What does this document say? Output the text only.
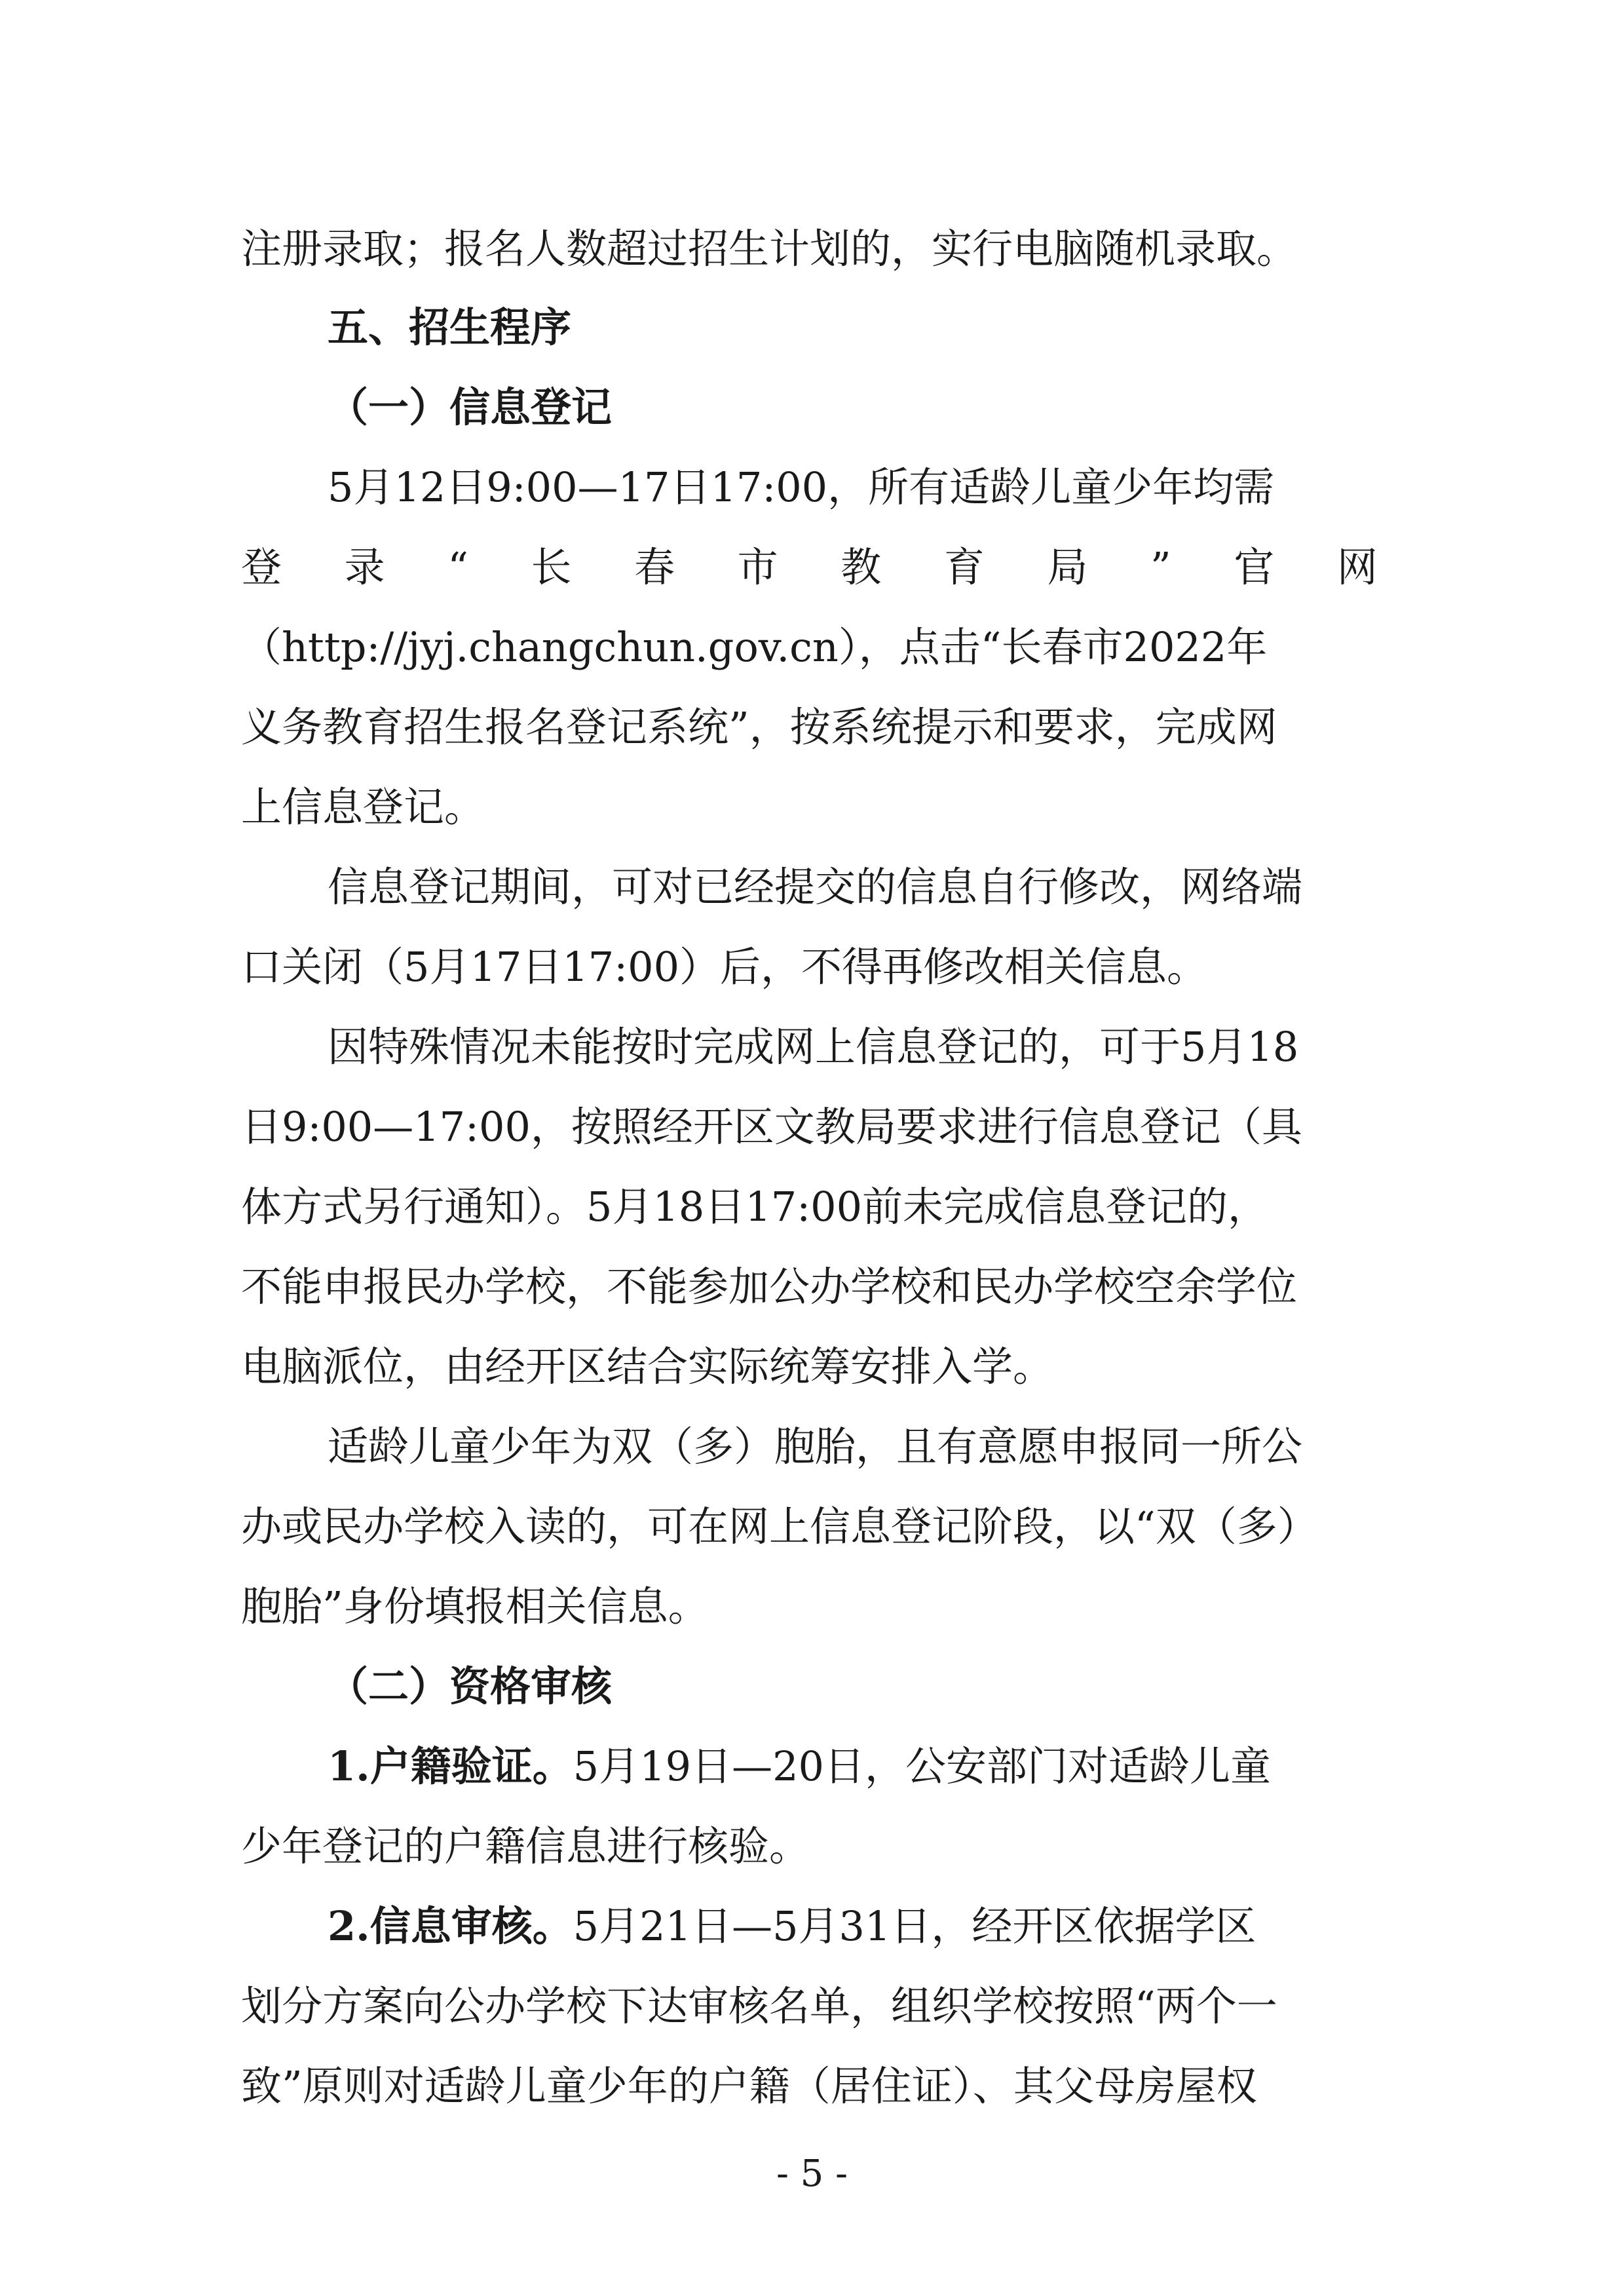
注册录取；报名人数超过招生计划的，实行电脑随机录取。
五、招生程序
（一）信息登记
5月12日9:00—17日17:00，所有适龄儿童少年均需
登 录 “ 长 春 市 教 育 局 ” 官 网
（http://jyj.changchun.gov.cn），点击“长春市2022年
义务教育招生报名登记系统”，按系统提示和要求，完成网
上信息登记。
信息登记期间，可对已经提交的信息自行修改，网络端
口关闭（5月17日17:00）后，不得再修改相关信息。
因特殊情况未能按时完成网上信息登记的，可于5月18
日9:00—17:00，按照经开区文教局要求进行信息登记（具
体方式另行通知）。5月18日17:00前未完成信息登记的，
不能申报民办学校，不能参加公办学校和民办学校空余学位
电脑派位，由经开区结合实际统筹安排入学。
适龄儿童少年为双（多）胞胎，且有意愿申报同一所公
办或民办学校入读的，可在网上信息登记阶段，以“双（多）
胞胎”身份填报相关信息。
（二）资格审核
1.户籍验证。5月19日—20日，公安部门对适龄儿童
少年登记的户籍信息进行核验。
2.信息审核。5月21日—5月31日，经开区依据学区
划分方案向公办学校下达审核名单，组织学校按照“两个一
致”原则对适龄儿童少年的户籍（居住证）、其父母房屋权
- 5 -
